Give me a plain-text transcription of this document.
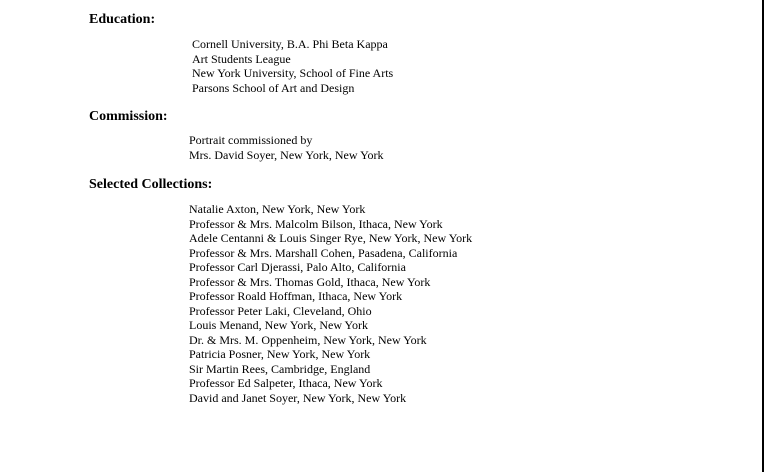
Education:
Cornell University, B.A. Phi Beta Kappa
Art Students League
New York University, School of Fine Arts
Parsons School of Art and Design
Commission:
Portrait commissioned by
Mrs. David Soyer, New York, New York
Selected Collections:
Natalie Axton, New York, New York
Professor & Mrs. Malcolm Bilson, Ithaca, New York
Adele Centanni & Louis Singer Rye, New York, New York
Professor & Mrs. Marshall Cohen, Pasadena, California
Professor Carl Djerassi, Palo Alto, California
Professor & Mrs. Thomas Gold, Ithaca, New York
Professor Roald Hoffman, Ithaca, New York
Professor Peter Laki, Cleveland, Ohio
Louis Menand, New York, New York
Dr. & Mrs. M. Oppenheim, New York, New York
Patricia Posner, New York, New York
Sir Martin Rees, Cambridge, England
Professor Ed Salpeter, Ithaca, New York
David and Janet Soyer, New York, New York
